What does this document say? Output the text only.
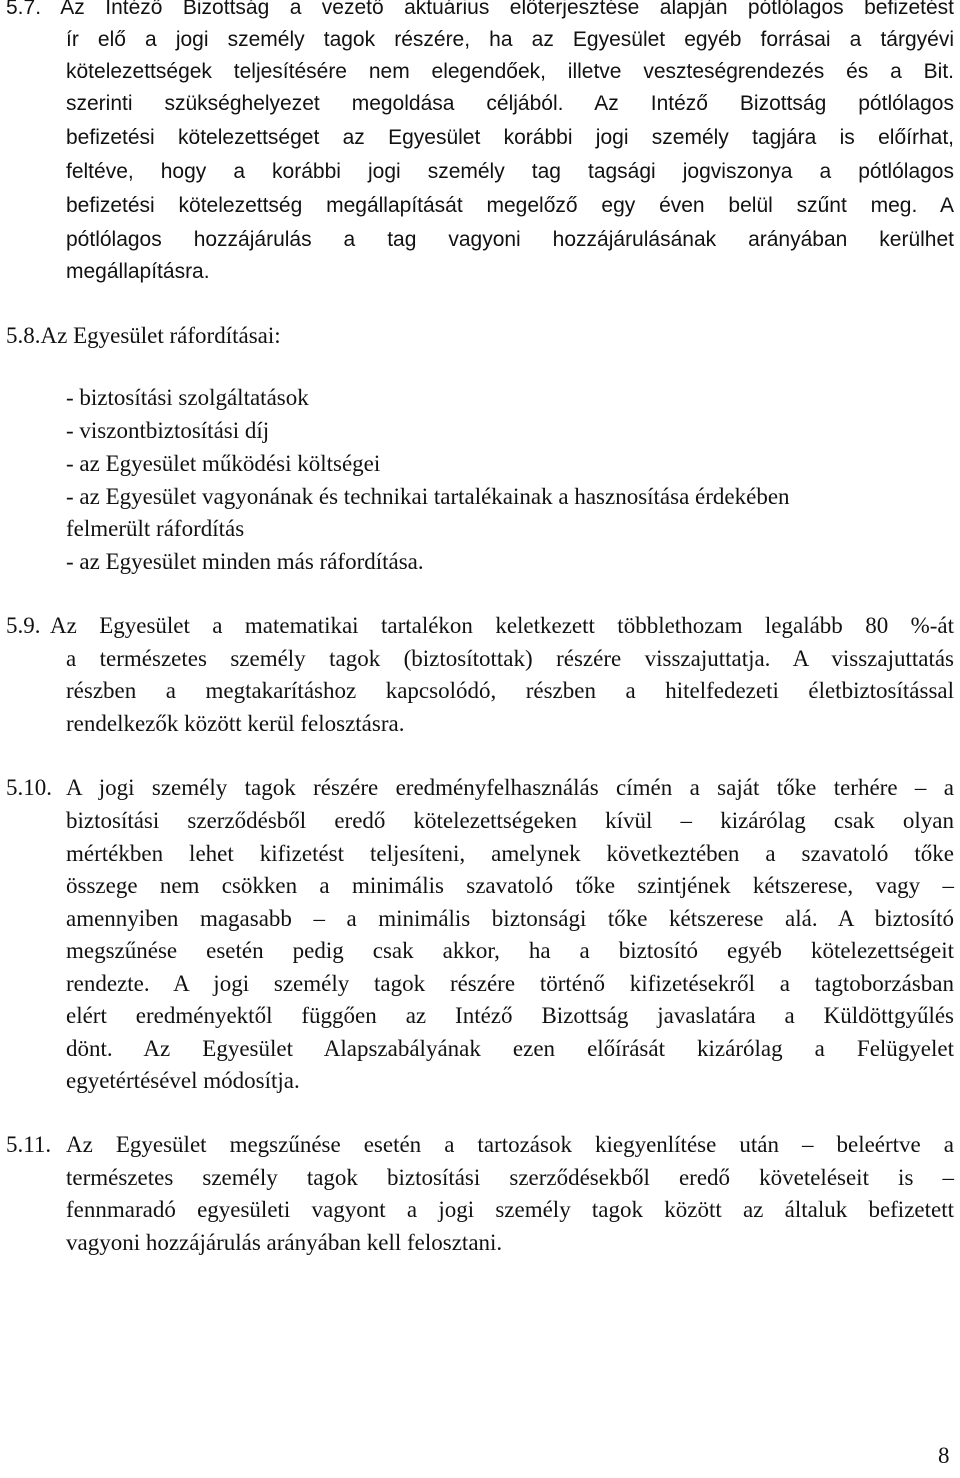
5.7. Az Intéző Bizottság a vezető aktuárius előterjesztése alapján pótlólagos befizetést
ír elő a jogi személy tagok részére, ha az Egyesület egyéb forrásai a tárgyévi
kötelezettségek teljesítésére nem elegendőek, illetve veszteségrendezés és a Bit.
szerinti szükséghelyezet megoldása céljából. Az Intéző Bizottság pótlólagos
befizetési kötelezettséget az Egyesület korábbi jogi személy tagjára is előírhat,
feltéve, hogy a korábbi jogi személy tag tagsági jogviszonya a pótlólagos
befizetési kötelezettség megállapítását megelőző egy éven belül szűnt meg. A
pótlólagos hozzájárulás a tag vagyoni hozzájárulásának arányában kerülhet
megállapításra.
5.8.Az Egyesület ráfordításai:
- biztosítási szolgáltatások
- viszontbiztosítási díj
- az Egyesület működési költségei
- az Egyesület vagyonának és technikai tartalékainak a hasznosítása érdekében
felmerült ráfordítás
- az Egyesület minden más ráfordítása.
5.9. Az Egyesület a matematikai tartalékon keletkezett többlethozam legalább 80 %-át
a természetes személy tagok (biztosítottak) részére visszajuttatja. A visszajuttatás
részben a megtakarításhoz kapcsolódó, részben a hitelfedezeti életbiztosítással
rendelkezők között kerül felosztásra.
5.10. A jogi személy tagok részére eredményfelhasználás címén a saját tőke terhére – a
biztosítási szerződésből eredő kötelezettségeken kívül – kizárólag csak olyan
mértékben lehet kifizetést teljesíteni, amelynek következtében a szavatoló tőke
összege nem csökken a minimális szavatoló tőke szintjének kétszerese, vagy –
amennyiben magasabb – a minimális biztonsági tőke kétszerese alá. A biztosító
megszűnése esetén pedig csak akkor, ha a biztosító egyéb kötelezettségeit
rendezte. A jogi személy tagok részére történő kifizetésekről a tagtoborzásban
elért eredményektől függően az Intéző Bizottság javaslatára a Küldöttgyűlés
dönt. Az Egyesület Alapszabályának ezen előírását kizárólag a Felügyelet
egyetértésével módosítja.
5.11. Az Egyesület megszűnése esetén a tartozások kiegyenlítése után – beleértve a
természetes személy tagok biztosítási szerződésekből eredő követeléseit is –
fennmaradó egyesületi vagyont a jogi személy tagok között az általuk befizetett
vagyoni hozzájárulás arányában kell felosztani.
8
